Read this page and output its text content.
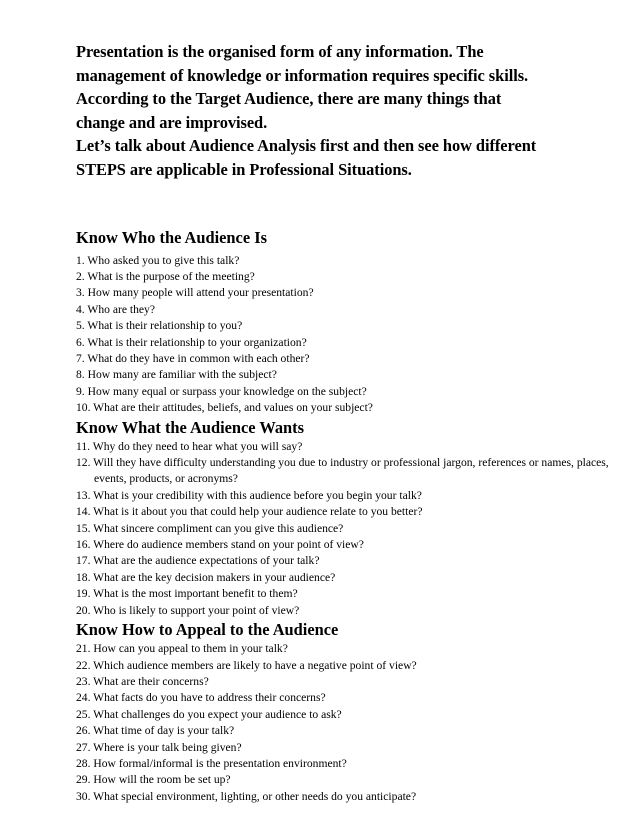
Presentation is the organised form of any information. The

management of knowledge or information requires specific skills.

According to the Target Audience, there are many things that

change and are improvised.

Let’s talk about Audience Analysis first and then see how different

STEPS are applicable in Professional Situations.

Know Who the Audience Is
1. Who asked you to give this talk?
2. What is the purpose of the meeting?
3. How many people will attend your presentation?
4. Who are they?
5. What is their relationship to you?
6. What is their relationship to your organization?
7. What do they have in common with each other?
8. How many are familiar with the subject?
9. How many equal or surpass your knowledge on the subject?
10. What are their attitudes, beliefs, and values on your subject?
Know What the Audience Wants
11. Why do they need to hear what you will say?
12. Will they have difficulty understanding you due to industry or professional jargon, references or names, places, events, products, or acronyms?
13. What is your credibility with this audience before you begin your talk?
14. What is it about you that could help your audience relate to you better?
15. What sincere compliment can you give this audience?
16. Where do audience members stand on your point of view?
17. What are the audience expectations of your talk?
18. What are the key decision makers in your audience?
19. What is the most important benefit to them?
20. Who is likely to support your point of view?
Know How to Appeal to the Audience
21. How can you appeal to them in your talk?
22. Which audience members are likely to have a negative point of view?
23. What are their concerns?
24. What facts do you have to address their concerns?
25. What challenges do you expect your audience to ask?
26. What time of day is your talk?
27. Where is your talk being given?
28. How formal/informal is the presentation environment?
29. How will the room be set up?
30. What special environment, lighting, or other needs do you anticipate?
